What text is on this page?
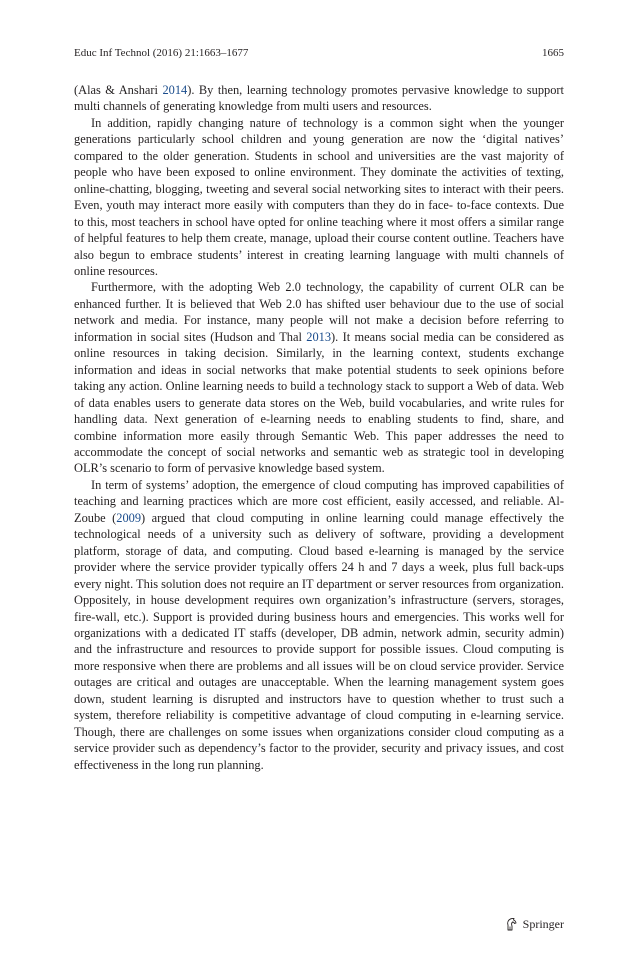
Educ Inf Technol (2016) 21:1663–1677	1665

(Alas & Anshari 2014). By then, learning technology promotes pervasive knowledge to support multi channels of generating knowledge from multi users and resources.

In addition, rapidly changing nature of technology is a common sight when the younger generations particularly school children and young generation are now the ‘digital natives’ compared to the older generation. Students in school and universities are the vast majority of people who have been exposed to online environment. They dominate the activities of texting, online-chatting, blogging, tweeting and several social networking sites to interact with their peers. Even, youth may interact more easily with computers than they do in face- to-face contexts. Due to this, most teachers in school have opted for online teaching where it most offers a similar range of helpful features to help them create, manage, upload their course content outline. Teachers have also begun to embrace students’ interest in creating learning language with multi channels of online resources.

Furthermore, with the adopting Web 2.0 technology, the capability of current OLR can be enhanced further. It is believed that Web 2.0 has shifted user behaviour due to the use of social network and media. For instance, many people will not make a decision before referring to information in social sites (Hudson and Thal 2013). It means social media can be considered as online resources in taking decision. Similarly, in the learning context, students exchange information and ideas in social networks that make potential students to seek opinions before taking any action. Online learning needs to build a technology stack to support a Web of data. Web of data enables users to generate data stores on the Web, build vocabularies, and write rules for handling data. Next generation of e-learning needs to enabling students to find, share, and combine information more easily through Semantic Web. This paper addresses the need to accommodate the concept of social networks and semantic web as strategic tool in developing OLR’s scenario to form of pervasive knowledge based system.

In term of systems’ adoption, the emergence of cloud computing has improved capabilities of teaching and learning practices which are more cost efficient, easily accessed, and reliable. Al-Zoube (2009) argued that cloud computing in online learning could manage effectively the technological needs of a university such as delivery of software, providing a development platform, storage of data, and computing. Cloud based e-learning is managed by the service provider where the service provider typically offers 24 h and 7 days a week, plus full back-ups every night. This solution does not require an IT department or server resources from organization. Oppositely, in house development requires own organization’s infrastructure (servers, storages, fire-wall, etc.). Support is provided during business hours and emergencies. This works well for organizations with a dedicated IT staffs (developer, DB admin, network admin, security admin) and the infrastructure and resources to provide support for possible issues. Cloud computing is more responsive when there are problems and all issues will be on cloud service provider. Service outages are critical and outages are unacceptable. When the learning management system goes down, student learning is disrupted and instructors have to question whether to trust such a system, therefore reliability is competitive advantage of cloud computing in e-learning service. Though, there are challenges on some issues when organizations consider cloud computing as a service provider such as dependency’s factor to the provider, security and privacy issues, and cost effectiveness in the long run planning.

Springer
